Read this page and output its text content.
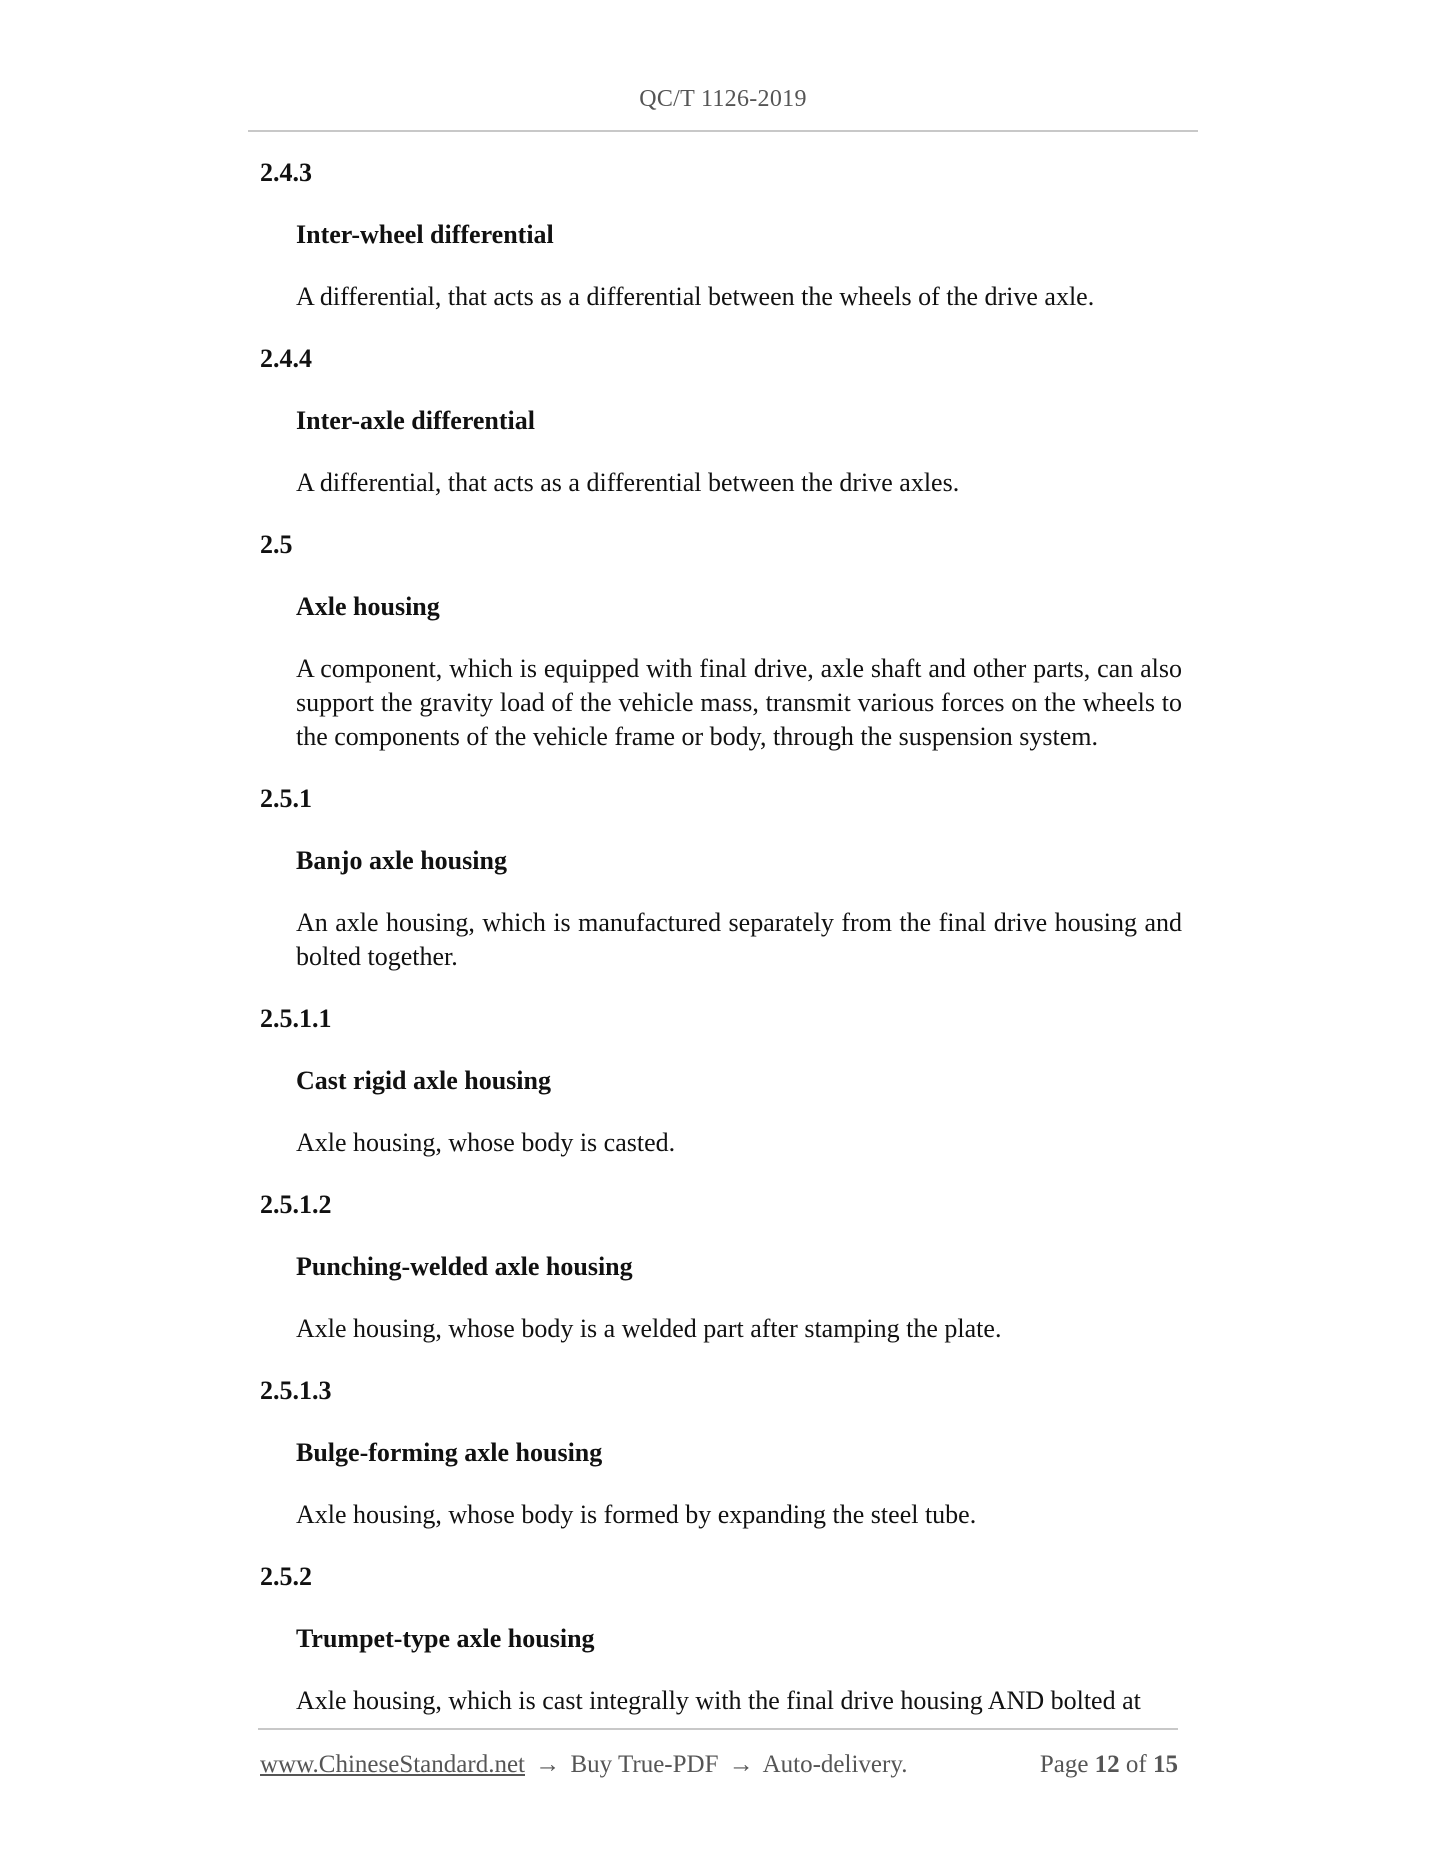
QC/T 1126-2019
2.4.3
Inter-wheel differential
A differential, that acts as a differential between the wheels of the drive axle.
2.4.4
Inter-axle differential
A differential, that acts as a differential between the drive axles.
2.5
Axle housing
A component, which is equipped with final drive, axle shaft and other parts, can also support the gravity load of the vehicle mass, transmit various forces on the wheels to the components of the vehicle frame or body, through the suspension system.
2.5.1
Banjo axle housing
An axle housing, which is manufactured separately from the final drive housing and bolted together.
2.5.1.1
Cast rigid axle housing
Axle housing, whose body is casted.
2.5.1.2
Punching-welded axle housing
Axle housing, whose body is a welded part after stamping the plate.
2.5.1.3
Bulge-forming axle housing
Axle housing, whose body is formed by expanding the steel tube.
2.5.2
Trumpet-type axle housing
Axle housing, which is cast integrally with the final drive housing AND bolted at
www.ChineseStandard.net → Buy True-PDF → Auto-delivery.	Page 12 of 15
